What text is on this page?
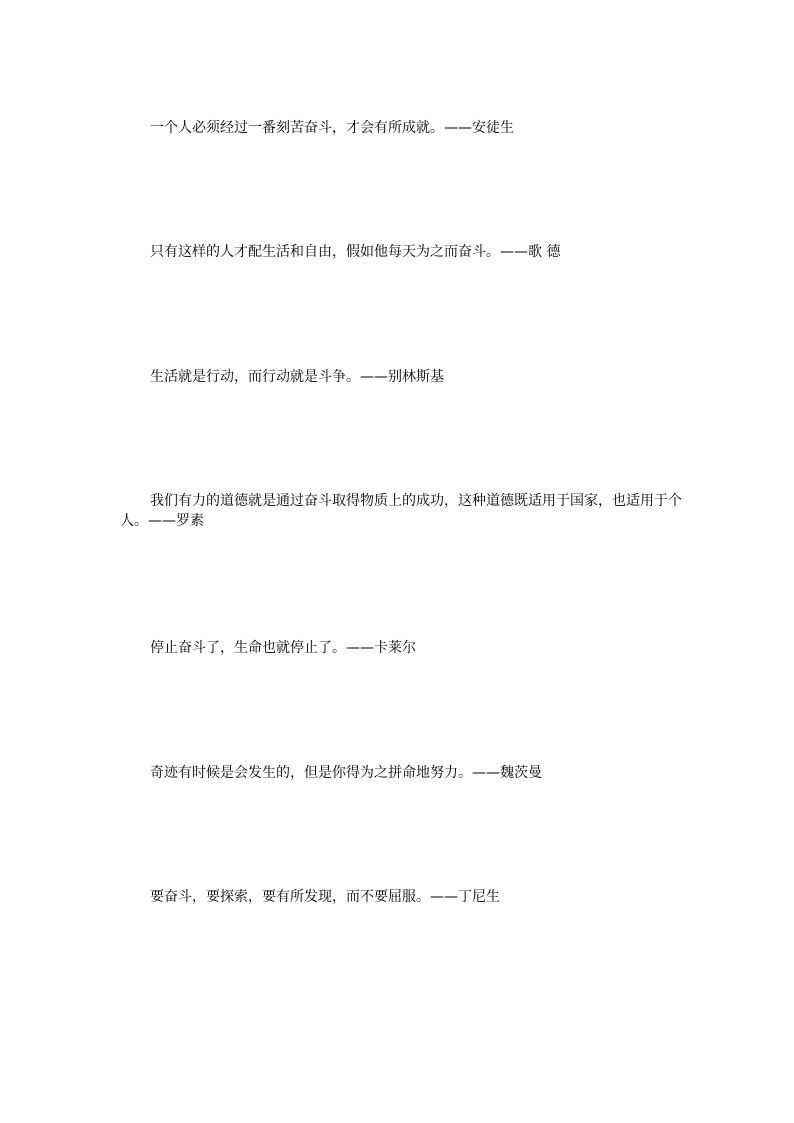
一个人必须经过一番刻苦奋斗，才会有所成就。——安徒生

只有这样的人才配生活和自由，假如他每天为之而奋斗。——歌 德

生活就是行动，而行动就是斗争。——别林斯基

我们有力的道德就是通过奋斗取得物质上的成功，这种道德既适用于国家，也适用于个人。——罗素

停止奋斗了，生命也就停止了。——卡莱尔

奇迹有时候是会发生的，但是你得为之拼命地努力。——魏茨曼

要奋斗，要探索，要有所发现，而不要屈服。——丁尼生
